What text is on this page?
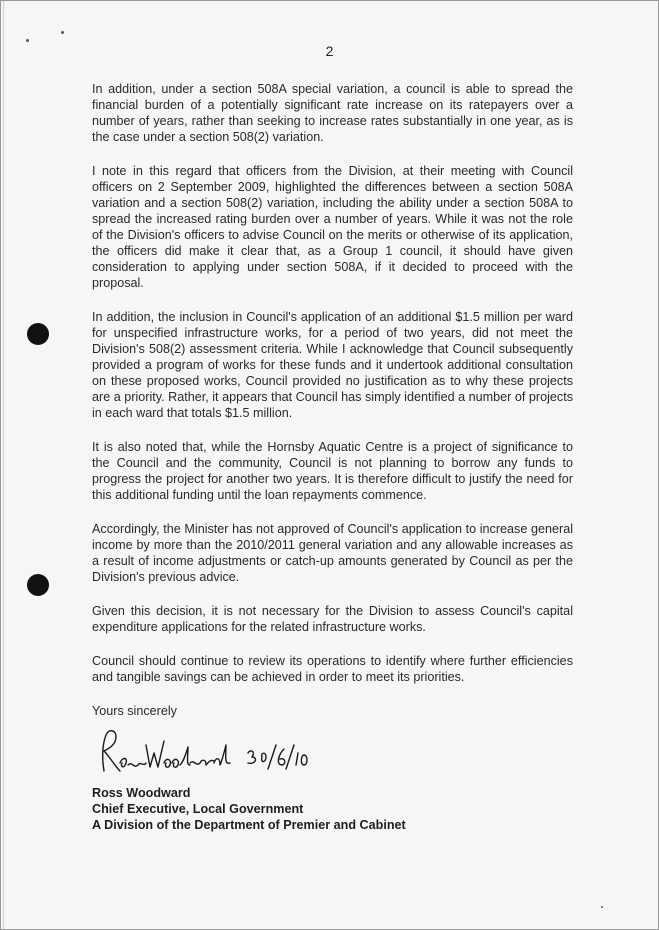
2

In addition, under a section 508A special variation, a council is able to spread the financial burden of a potentially significant rate increase on its ratepayers over a number of years, rather than seeking to increase rates substantially in one year, as is the case under a section 508(2) variation.

I note in this regard that officers from the Division, at their meeting with Council officers on 2 September 2009, highlighted the differences between a section 508A variation and a section 508(2) variation, including the ability under a section 508A to spread the increased rating burden over a number of years. While it was not the role of the Division's officers to advise Council on the merits or otherwise of its application, the officers did make it clear that, as a Group 1 council, it should have given consideration to applying under section 508A, if it decided to proceed with the proposal.

In addition, the inclusion in Council's application of an additional $1.5 million per ward for unspecified infrastructure works, for a period of two years, did not meet the Division's 508(2) assessment criteria. While I acknowledge that Council subsequently provided a program of works for these funds and it undertook additional consultation on these proposed works, Council provided no justification as to why these projects are a priority. Rather, it appears that Council has simply identified a number of projects in each ward that totals $1.5 million.

It is also noted that, while the Hornsby Aquatic Centre is a project of significance to the Council and the community, Council is not planning to borrow any funds to progress the project for another two years. It is therefore difficult to justify the need for this additional funding until the loan repayments commence.

Accordingly, the Minister has not approved of Council's application to increase general income by more than the 2010/2011 general variation and any allowable increases as a result of income adjustments or catch-up amounts generated by Council as per the Division's previous advice.

Given this decision, it is not necessary for the Division to assess Council's capital expenditure applications for the related infrastructure works.

Council should continue to review its operations to identify where further efficiencies and tangible savings can be achieved in order to meet its priorities.

Yours sincerely

Ross Woodward
Chief Executive, Local Government
A Division of the Department of Premier and Cabinet
